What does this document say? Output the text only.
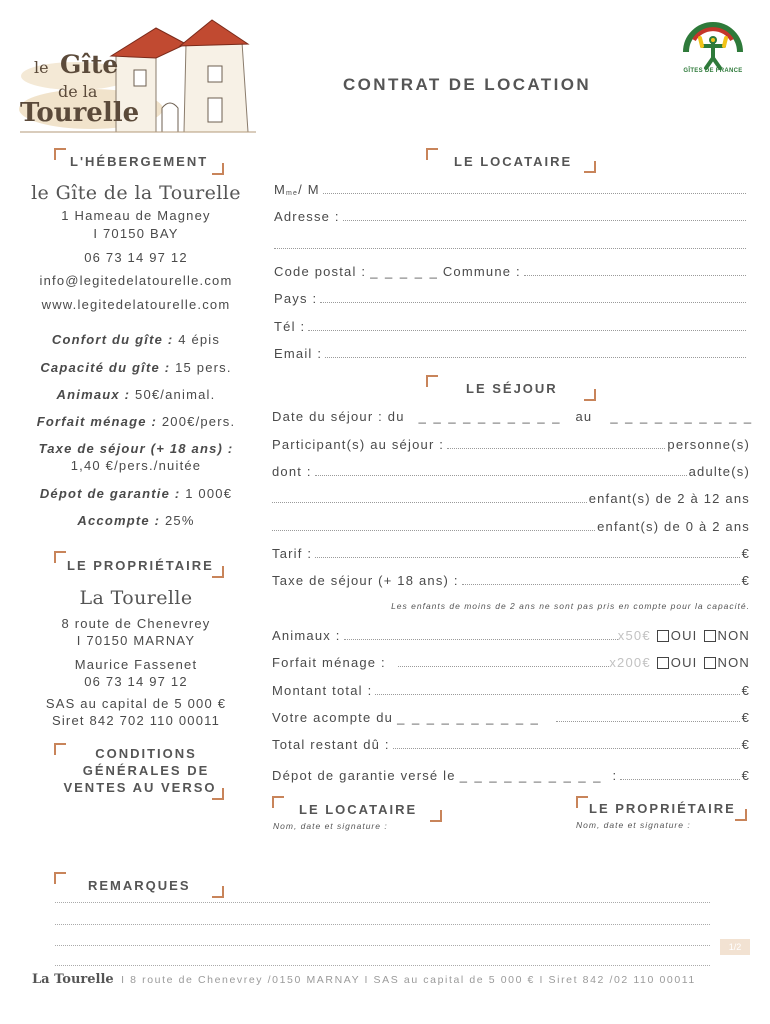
le Gîte
de la
Tourelle
GÎTES DE FRANCE
CONTRAT DE LOCATION
L'HÉBERGEMENT
le Gîte de la Tourelle
1 Hameau de Magney
I 70150 BAY
06 73 14 97 12
info@legitedelatourelle.com
www.legitedelatourelle.com
Confort du gîte : 4 épis
Capacité du gîte : 15 pers.
Animaux : 50€/animal.
Forfait ménage : 200€/pers.
Taxe de séjour (+ 18 ans) :
1,40 €/pers./nuitée
Dépot de garantie : 1 000€
Accompte : 25%
LE PROPRIÉTAIRE
La Tourelle
8 route de Chenevrey
I 70150 MARNAY
Maurice Fassenet
06 73 14 97 12
SAS au capital de 5 000 €
Siret 842 702 110 00011
CONDITIONS
GÉNÉRALES DE
VENTES AU VERSO
LE LOCATAIRE
$M_{me}$ / M
Adresse :
Code postal : _ _ _ _ _ Commune :
Pays :
Tél :
Email :
LE SÉJOUR
Date du séjour : du _ _ _ _ _ _ _ _ _ _ au _ _ _ _ _ _ _ _ _ _
Participant(s) au séjour :	personne(s)
dont :	adulte(s)
enfant(s) de 2 à 12 ans
enfant(s) de 0 à 2 ans
Tarif :	€
Taxe de séjour (+ 18 ans) :	€
Les enfants de moins de 2 ans ne sont pas pris en compte pour la capacité.
Animaux :	x50€ OUI NON
Forfait ménage :	x200€ OUI NON
Montant total :	€
Votre acompte du _ _ _ _ _ _ _ _ _ _	€
Total restant dû :	€
Dépot de garantie versé le _ _ _ _ _ _ _ _ _ _ :	€
LE LOCATAIRE
Nom, date et signature :
LE PROPRIÉTAIRE
Nom, date et signature :
REMARQUES
1/2
La Tourelle I 8 route de Chenevrey /0150 MARNAY I SAS au capital de 5 000 € I Siret 842 /02 110 00011
